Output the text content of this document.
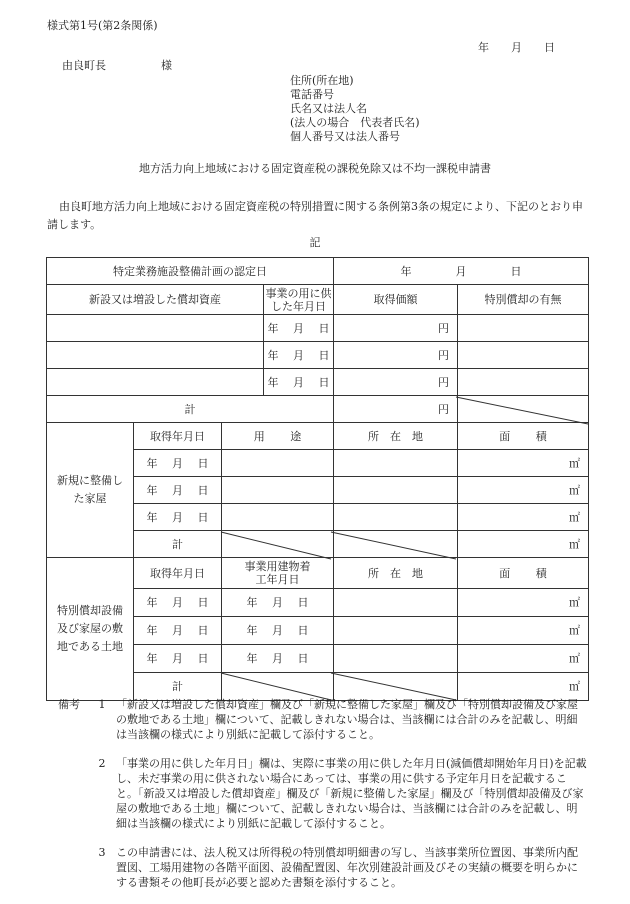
様式第1号(第2条関係)
年　　月　　日
由良町長　　　　　様
住所(所在地)
電話番号
氏名又は法人名
(法人の場合　代表者氏名)
個人番号又は法人番号
地方活力向上地域における固定資産税の課税免除又は不均一課税申請書
由良町地方活力向上地域における固定資産税の特別措置に関する条例第3条の規定により、下記のとおり申請します。
記
特定業務施設整備計画の認定日				年　　　　月　　　　日	
新設又は増設した償却資産			事業の用に供した年月日	取得価額	特別償却の有無
			年　 月　 日	円	
			年　 月　 日	円	
			年　 月　 日	円	
計				円	
新規に整備した家屋	取得年月日	用　　 途		所　在　地	面　　 積
	年　 月　 日				㎡
	年　 月　 日				㎡
	年　 月　 日				㎡
	計				㎡
特別償却設備及び家屋の敷地である土地	取得年月日	事業用建物着工年月日		所　在　地	面　　 積
	年　 月　 日	年　 月　 日			㎡
	年　 月　 日	年　 月　 日			㎡
	年　 月　 日	年　 月　 日			㎡
	計				㎡
備考	1 「新設又は増設した償却資産」欄及び「新規に整備した家屋」欄及び「特別償却設備及び家屋の敷地である土地」欄について、記載しきれない場合は、当該欄には合計のみを記載し、明細は当該欄の様式により別紙に記載して添付すること。
2 「事業の用に供した年月日」欄は、実際に事業の用に供した年月日(減価償却開始年月日)を記載し、未だ事業の用に供されない場合にあっては、事業の用に供する予定年月日を記載すること。「新設又は増設した償却資産」欄及び「新規に整備した家屋」欄及び「特別償却設備及び家屋の敷地である土地」欄について、記載しきれない場合は、当該欄には合計のみを記載し、明細は当該欄の様式により別紙に記載して添付すること。
3 この申請書には、法人税又は所得税の特別償却明細書の写し、当該事業所位置図、事業所内配置図、工場用建物の各階平面図、設備配置図、年次別建設計画及びその実績の概要を明らかにする書類その他町長が必要と認めた書類を添付すること。
